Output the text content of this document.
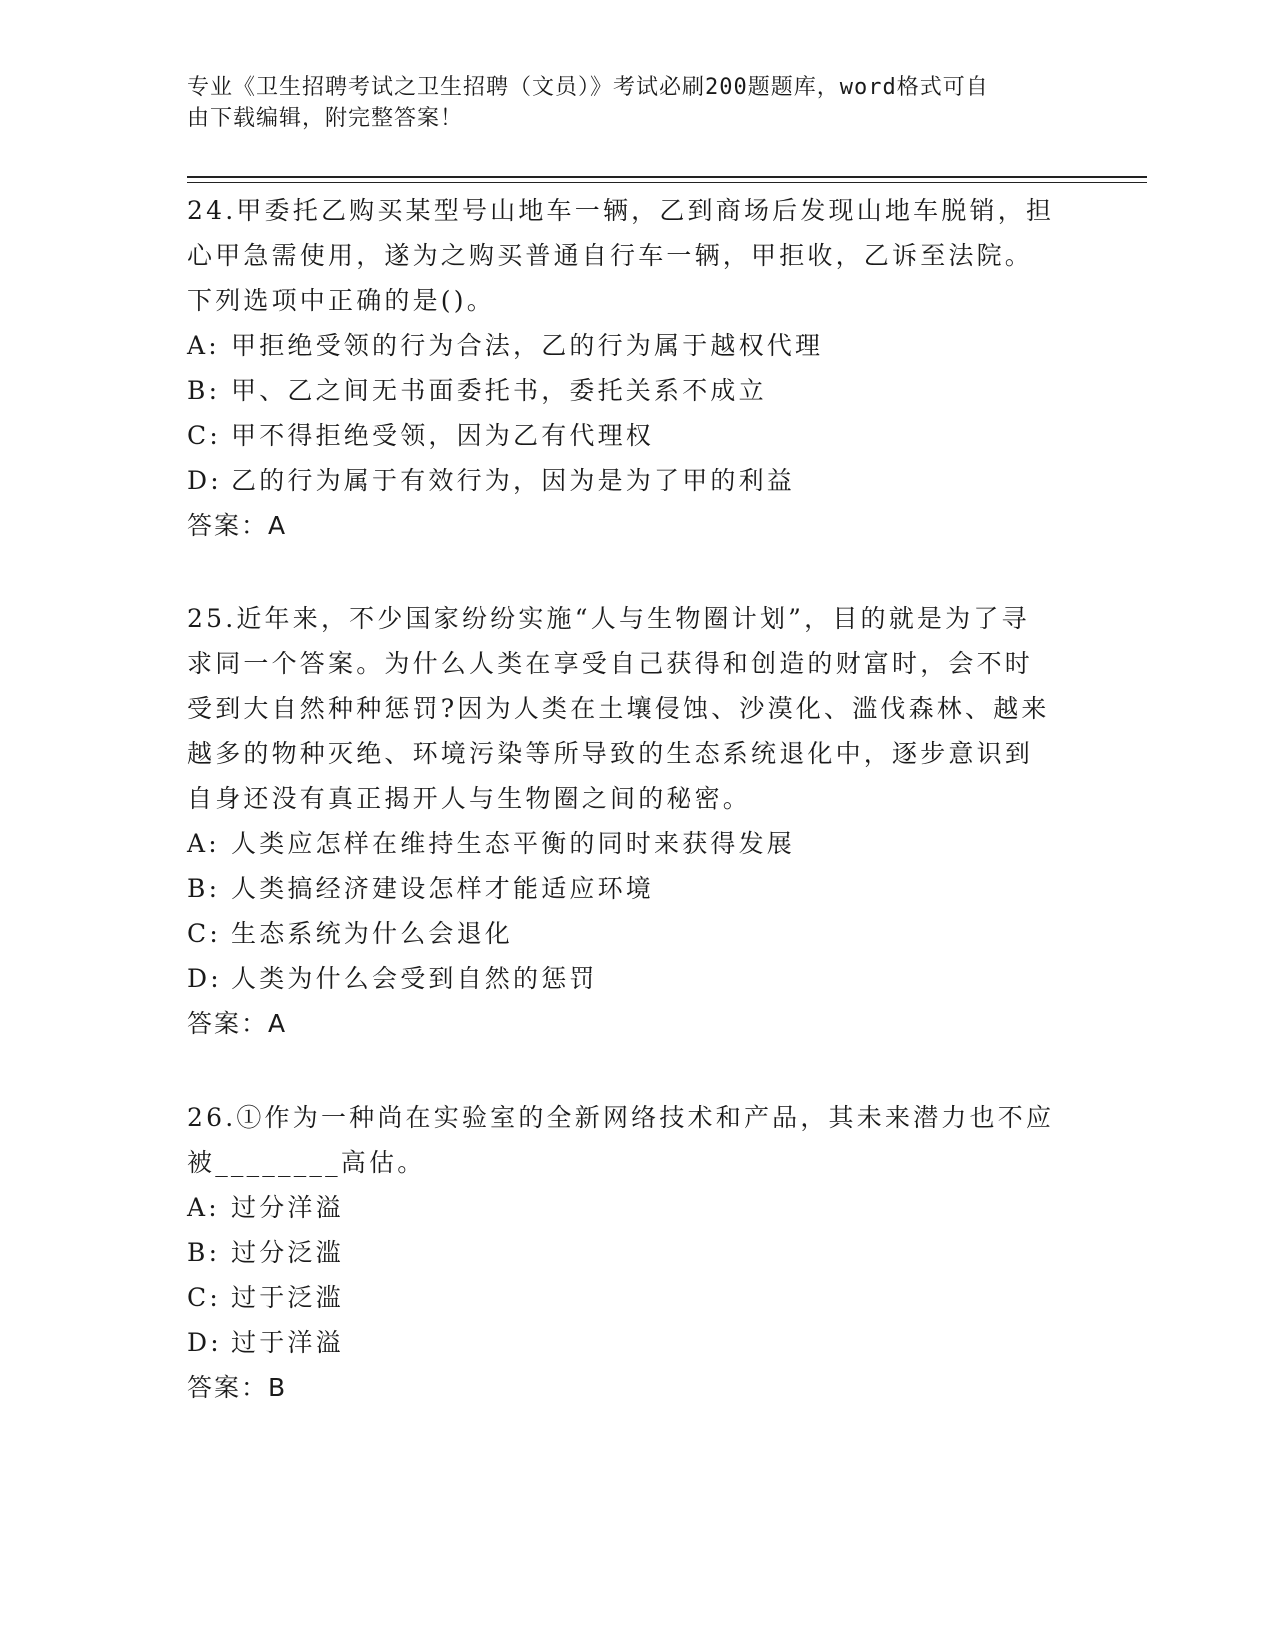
专业《卫生招聘考试之卫生招聘（文员）》考试必刷200题题库，word格式可自
由下载编辑，附完整答案！

24.甲委托乙购买某型号山地车一辆，乙到商场后发现山地车脱销，担

心甲急需使用，遂为之购买普通自行车一辆，甲拒收，乙诉至法院。

下列选项中正确的是()。

A: 甲拒绝受领的行为合法，乙的行为属于越权代理

B: 甲、乙之间无书面委托书，委托关系不成立

C: 甲不得拒绝受领，因为乙有代理权

D: 乙的行为属于有效行为，因为是为了甲的利益

答案：A

25.近年来，不少国家纷纷实施“人与生物圈计划”，目的就是为了寻

求同一个答案。为什么人类在享受自己获得和创造的财富时，会不时

受到大自然种种惩罚?因为人类在土壤侵蚀、沙漠化、滥伐森林、越来

越多的物种灭绝、环境污染等所导致的生态系统退化中，逐步意识到

自身还没有真正揭开人与生物圈之间的秘密。

A: 人类应怎样在维持生态平衡的同时来获得发展

B: 人类搞经济建设怎样才能适应环境

C: 生态系统为什么会退化

D: 人类为什么会受到自然的惩罚

答案：A

26.①作为一种尚在实验室的全新网络技术和产品，其未来潜力也不应

被________高估。

A: 过分洋溢

B: 过分泛滥

C: 过于泛滥

D: 过于洋溢

答案：B
